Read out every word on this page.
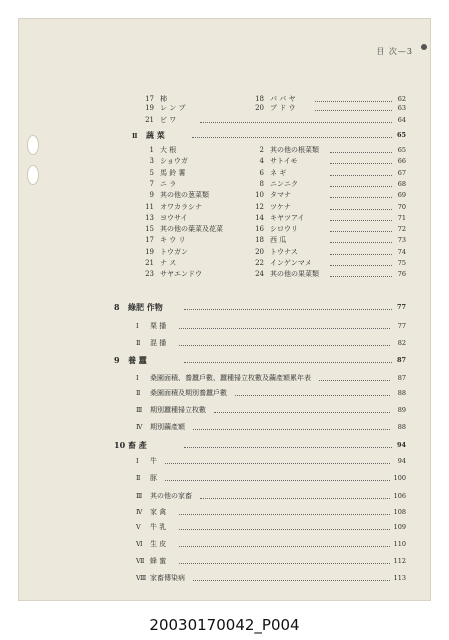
目 次—3
17 柿	18 パ パ ヤ	62
19 レ ン ブ	20 ブ ド ウ	63
21 ビ ワ	64
Ⅱ 蔬 菜	65
1 大 根	2 其の他の根菜類	65
3 ショウガ	4 サトイモ	66
5 馬 鈴 薯	6 ネ ギ	67
7 ニ ラ	8 ニンニク	68
9 其の他の葱菜類	10 タマナ	69
11 オワカラシナ	12 ツケナ	70
13 ヨウサイ	14 キヤツアイ	71
15 其の他の葉菜及花菜	16 シロウリ	72
17 キ ウ リ	18 西 瓜	73
19 トウガン	20 トウナス	74
21 ナ ス	22 インゲンマメ	75
23 サヤエンドウ	24 其の他の果菜類	76
8 綠肥 作物	77
Ⅰ 栗 播	77
Ⅱ 混 播	82
9 養 蠶	87
Ⅰ 桑園面積、養蠶戶數、蠶種掃立枚數及繭產額累年表	87
Ⅱ 桑園面積及期別養蠶戶數	88
Ⅲ 期別蠶種掃立枚數	89
Ⅳ 期別繭產額	88
10 畜 產	94
Ⅰ 牛	94
Ⅱ 豚	100
Ⅲ 其の他の家畜	106
Ⅳ 家 禽	108
Ⅴ 牛 乳	109
Ⅵ 生 皮	110
Ⅶ 蜂 蜜	112
Ⅷ 家畜傳染病	113
20030170042_P004
